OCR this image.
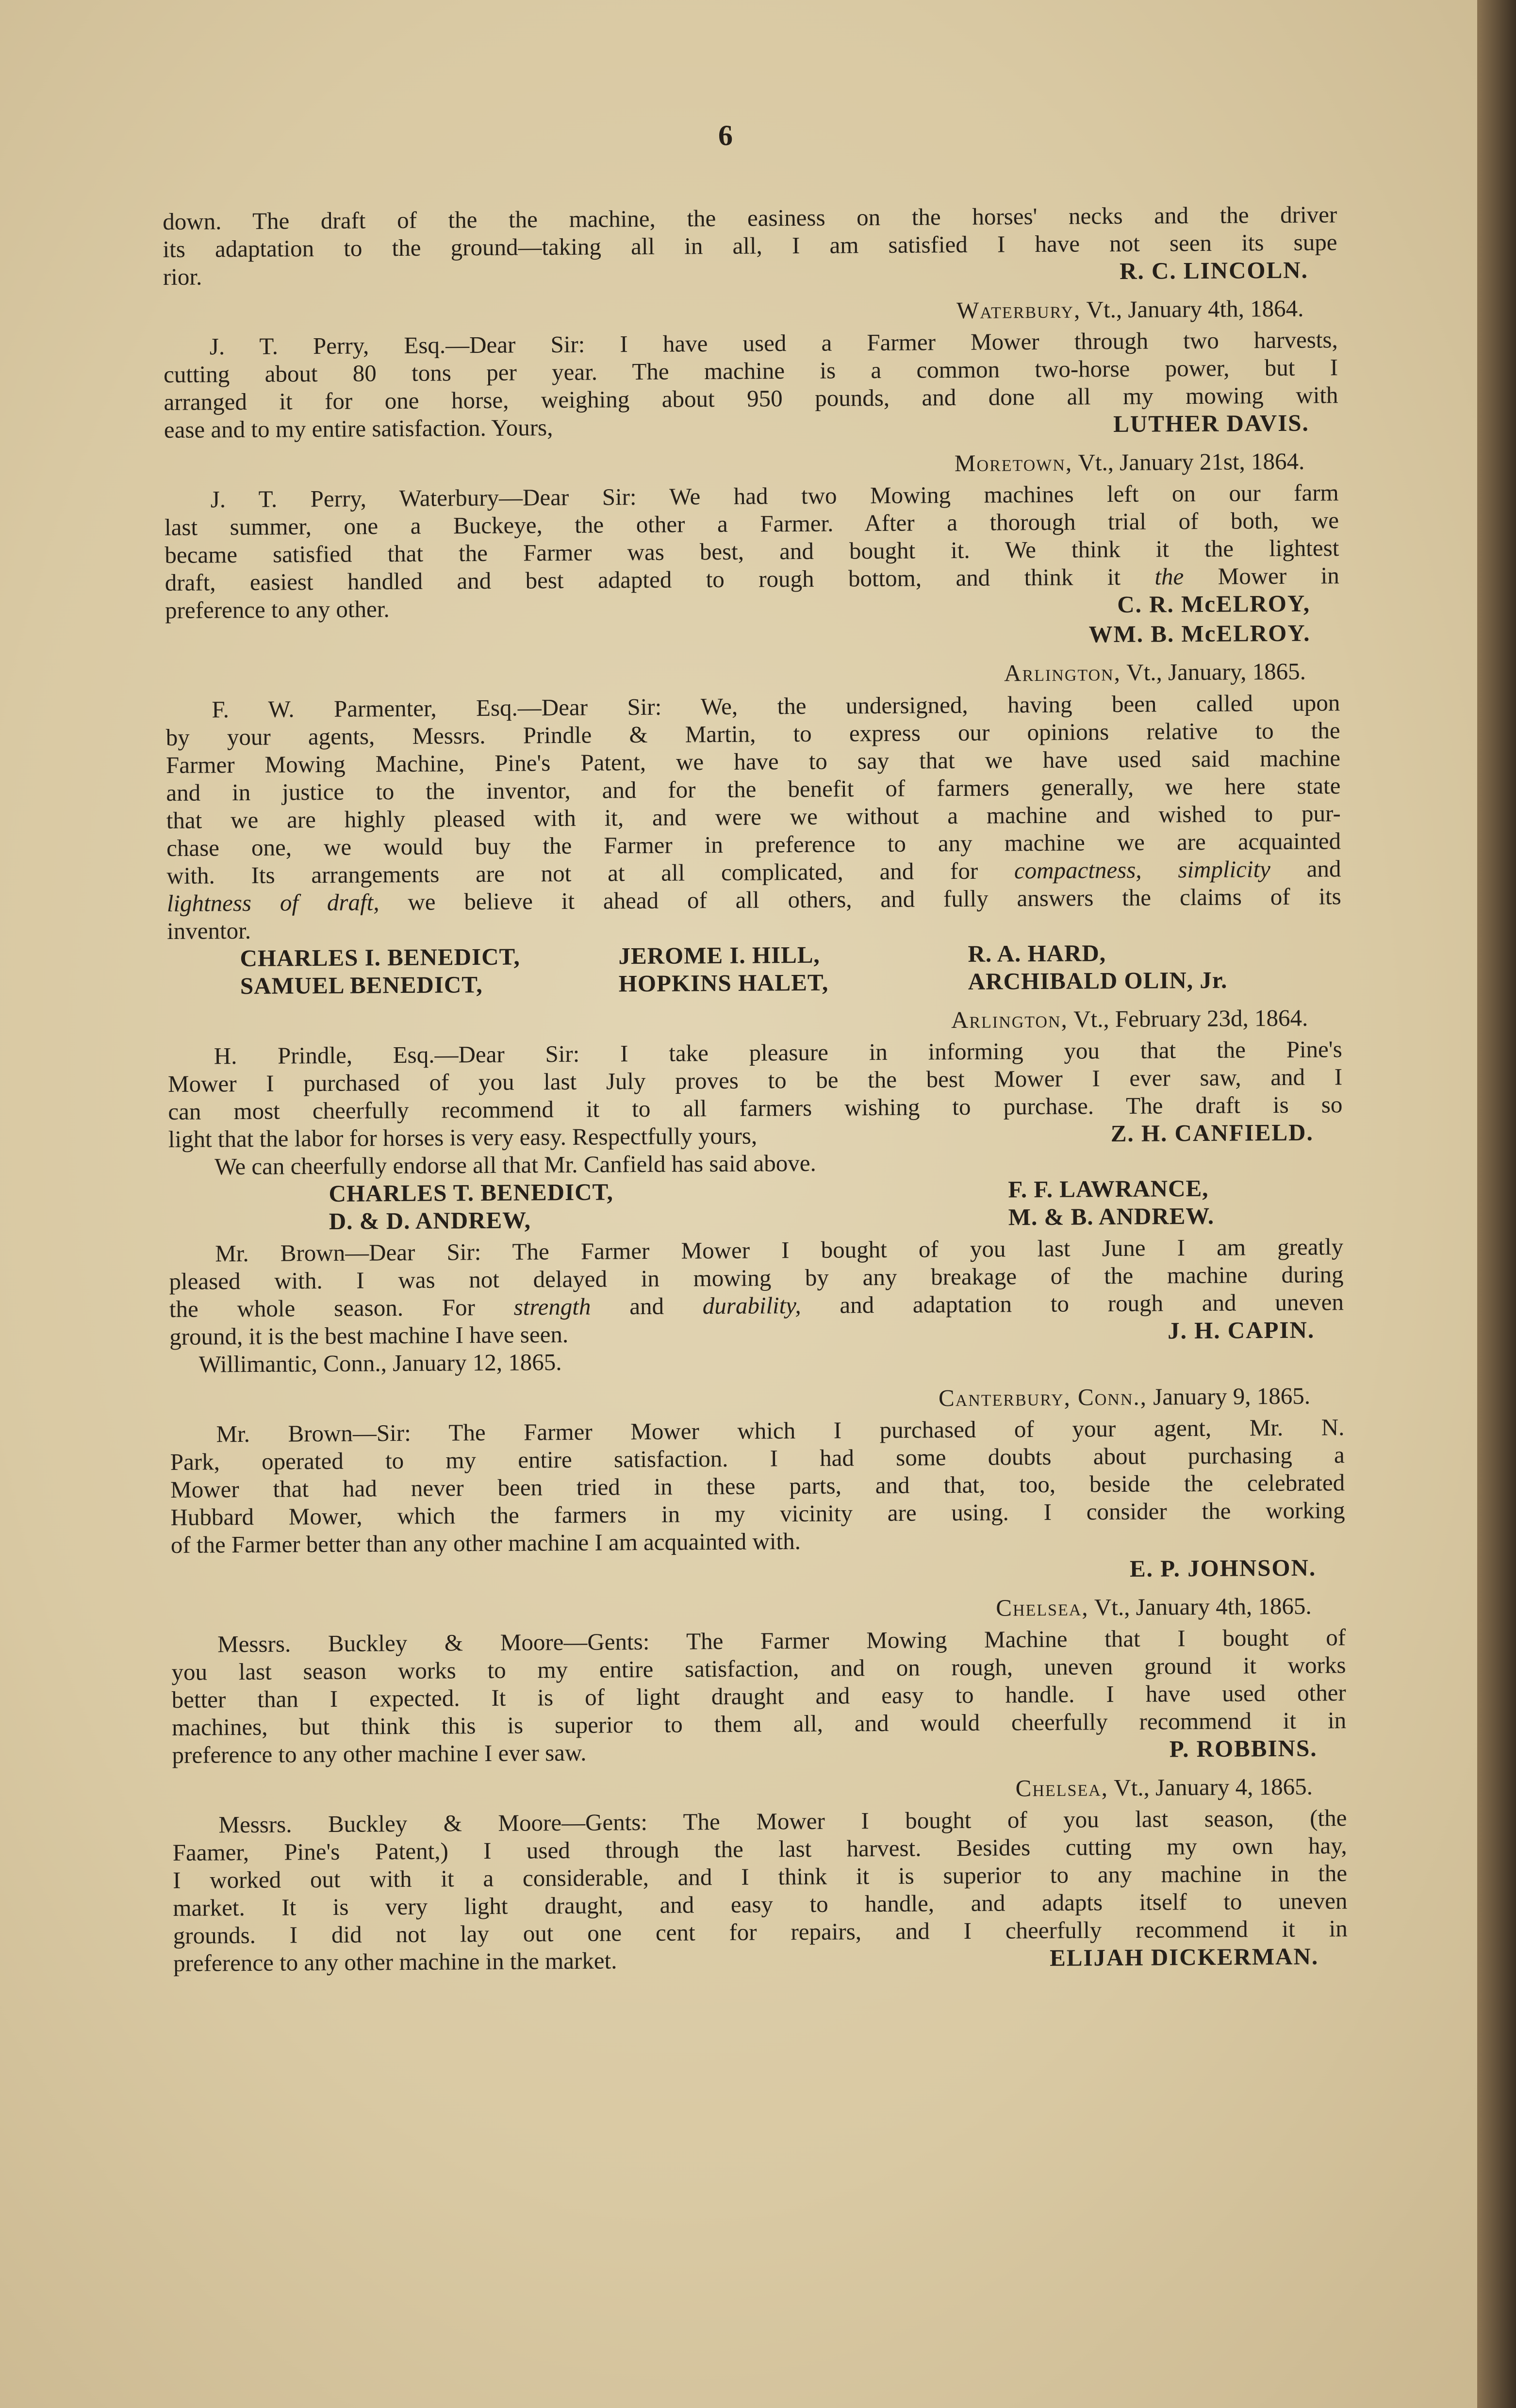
6
down. The draft of the the machine, the easiness on the horses' necks and the driver
its adaptation to the ground—taking all in all, I am satisfied I have not seen its supe
rior.	R. C. LINCOLN.
Waterbury, Vt., January 4th, 1864.
J. T. Perry, Esq.—Dear Sir: I have used a Farmer Mower through two harvests,
cutting about 80 tons per year. The machine is a common two-horse power, but I
arranged it for one horse, weighing about 950 pounds, and done all my mowing with
ease and to my entire satisfaction. Yours,	LUTHER DAVIS.
Moretown, Vt., January 21st, 1864.
J. T. Perry, Waterbury—Dear Sir: We had two Mowing machines left on our farm
last summer, one a Buckeye, the other a Farmer. After a thorough trial of both, we
became satisfied that the Farmer was best, and bought it. We think it the lightest
draft, easiest handled and best adapted to rough bottom, and think it the Mower in
preference to any other.	C. R. McELROY,
WM. B. McELROY.
Arlington, Vt., January, 1865.
F. W. Parmenter, Esq.—Dear Sir: We, the undersigned, having been called upon
by your agents, Messrs. Prindle & Martin, to express our opinions relative to the
Farmer Mowing Machine, Pine's Patent, we have to say that we have used said machine
and in justice to the inventor, and for the benefit of farmers generally, we here state
that we are highly pleased with it, and were we without a machine and wished to pur-
chase one, we would buy the Farmer in preference to any machine we are acquainted
with. Its arrangements are not at all complicated, and for compactness, simplicity and
lightness of draft, we believe it ahead of all others, and fully answers the claims of its
inventor.
CHARLES I. BENEDICT,	JEROME I. HILL,	R. A. HARD,
SAMUEL BENEDICT,	HOPKINS HALET,	ARCHIBALD OLIN, Jr.
Arlington, Vt., February 23d, 1864.
H. Prindle, Esq.—Dear Sir: I take pleasure in informing you that the Pine's
Mower I purchased of you last July proves to be the best Mower I ever saw, and I
can most cheerfully recommend it to all farmers wishing to purchase. The draft is so
light that the labor for horses is very easy. Respectfully yours,	Z. H. CANFIELD.
We can cheerfully endorse all that Mr. Canfield has said above.
CHARLES T. BENEDICT,	F. F. LAWRANCE,
D. & D. ANDREW,	M. & B. ANDREW.
Mr. Brown—Dear Sir: The Farmer Mower I bought of you last June I am greatly
pleased with. I was not delayed in mowing by any breakage of the machine during
the whole season. For strength and durability, and adaptation to rough and uneven
ground, it is the best machine I have seen.	J. H. CAPIN.
Willimantic, Conn., January 12, 1865.
Canterbury, Conn., January 9, 1865.
Mr. Brown—Sir: The Farmer Mower which I purchased of your agent, Mr. N.
Park, operated to my entire satisfaction. I had some doubts about purchasing a
Mower that had never been tried in these parts, and that, too, beside the celebrated
Hubbard Mower, which the farmers in my vicinity are using. I consider the working
of the Farmer better than any other machine I am acquainted with.
E. P. JOHNSON.
Chelsea, Vt., January 4th, 1865.
Messrs. Buckley & Moore—Gents: The Farmer Mowing Machine that I bought of
you last season works to my entire satisfaction, and on rough, uneven ground it works
better than I expected. It is of light draught and easy to handle. I have used other
machines, but think this is superior to them all, and would cheerfully recommend it in
preference to any other machine I ever saw.	P. ROBBINS.
Chelsea, Vt., January 4, 1865.
Messrs. Buckley & Moore—Gents: The Mower I bought of you last season, (the
Faamer, Pine's Patent,) I used through the last harvest. Besides cutting my own hay,
I worked out with it a considerable, and I think it is superior to any machine in the
market. It is very light draught, and easy to handle, and adapts itself to uneven
grounds. I did not lay out one cent for repairs, and I cheerfully recommend it in
preference to any other machine in the market.	ELIJAH DICKERMAN.
